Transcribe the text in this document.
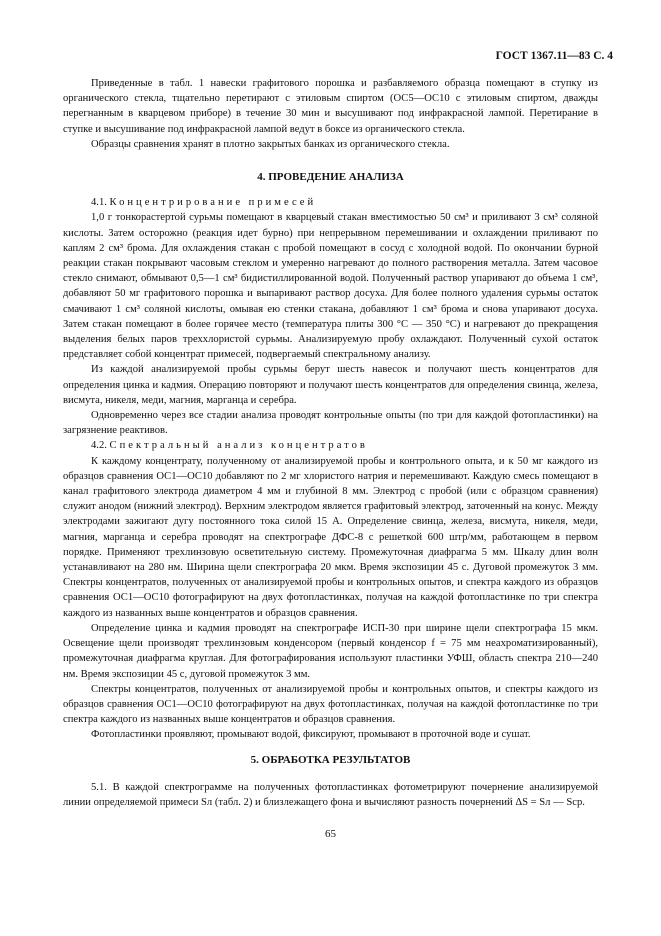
ГОСТ 1367.11—83 С. 4

Приведенные в табл. 1 навески графитового порошка и разбавляемого образца помещают в ступку из органического стекла, тщательно перетирают с этиловым спиртом (ОС5—ОС10 с этиловым спиртом, дважды перегнанным в кварцевом приборе) в течение 30 мин и высушивают под инфракрасной лампой. Перетирание в ступке и высушивание под инфракрасной лампой ведут в боксе из органического стекла.

Образцы сравнения хранят в плотно закрытых банках из органического стекла.

4. ПРОВЕДЕНИЕ АНАЛИЗА

4.1. Концентрирование примесей

1,0 г тонкорастертой сурьмы помещают в кварцевый стакан вместимостью 50 см³ и приливают 3 см³ соляной кислоты. Затем осторожно (реакция идет бурно) при непрерывном перемешивании и охлаждении приливают по каплям 2 см³ брома. Для охлаждения стакан с пробой помещают в сосуд с холодной водой. По окончании бурной реакции стакан покрывают часовым стеклом и умеренно нагревают до полного растворения металла. Затем часовое стекло снимают, обмывают 0,5—1 см³ бидистиллированной водой. Полученный раствор упаривают до объема 1 см³, добавляют 50 мг графитового порошка и выпаривают раствор досуха. Для более полного удаления сурьмы остаток смачивают 1 см³ соляной кислоты, омывая ею стенки стакана, добавляют 1 см³ брома и снова упаривают досуха. Затем стакан помещают в более горячее место (температура плиты 300 °С — 350 °С) и нагревают до прекращения выделения белых паров треххлористой сурьмы. Анализируемую пробу охлаждают. Полученный сухой остаток представляет собой концентрат примесей, подвергаемый спектральному анализу.

Из каждой анализируемой пробы сурьмы берут шесть навесок и получают шесть концентратов для определения цинка и кадмия. Операцию повторяют и получают шесть концентратов для определения свинца, железа, висмута, никеля, меди, магния, марганца и серебра.

Одновременно через все стадии анализа проводят контрольные опыты (по три для каждой фотопластинки) на загрязнение реактивов.

4.2. Спектральный анализ концентратов

К каждому концентрату, полученному от анализируемой пробы и контрольного опыта, и к 50 мг каждого из образцов сравнения ОС1—ОС10 добавляют по 2 мг хлористого натрия и перемешивают. Каждую смесь помещают в канал графитового электрода диаметром 4 мм и глубиной 8 мм. Электрод с пробой (или с образцом сравнения) служит анодом (нижний электрод). Верхним электродом является графитовый электрод, заточенный на конус. Между электродами зажигают дугу постоянного тока силой 15 А. Определение свинца, железа, висмута, никеля, меди, магния, марганца и серебра проводят на спектрографе ДФС-8 с решеткой 600 штр/мм, работающем в первом порядке. Применяют трехлинзовую осветительную систему. Промежуточная диафрагма 5 мм. Шкалу длин волн устанавливают на 280 нм. Ширина щели спектрографа 20 мкм. Время экспозиции 45 с. Дуговой промежуток 3 мм. Спектры концентратов, полученных от анализируемой пробы и контрольных опытов, и спектра каждого из образцов сравнения ОС1—ОС10 фотографируют на двух фотопластинках, получая на каждой фотопластинке по три спектра каждого из названных выше концентратов и образцов сравнения.

Определение цинка и кадмия проводят на спектрографе ИСП-30 при ширине щели спектрографа 15 мкм. Освещение щели производят трехлинзовым конденсором (первый конденсор f = 75 мм неахроматизированный), промежуточная диафрагма круглая. Для фотографирования используют пластинки УФШ, область спектра 210—240 нм. Время экспозиции 45 с, дуговой промежуток 3 мм.

Спектры концентратов, полученных от анализируемой пробы и контрольных опытов, и спектры каждого из образцов сравнения ОС1—ОС10 фотографируют на двух фотопластинках, получая на каждой фотопластинке по три спектра каждого из названных выше концентратов и образцов сравнения.

Фотопластинки проявляют, промывают водой, фиксируют, промывают в проточной воде и сушат.

5. ОБРАБОТКА РЕЗУЛЬТАТОВ

5.1. В каждой спектрограмме на полученных фотопластинках фотометрируют почернение анализируемой линии определяемой примеси Sл (табл. 2) и близлежащего фона и вычисляют разность почернений ΔS = Sл — Sср.

65
